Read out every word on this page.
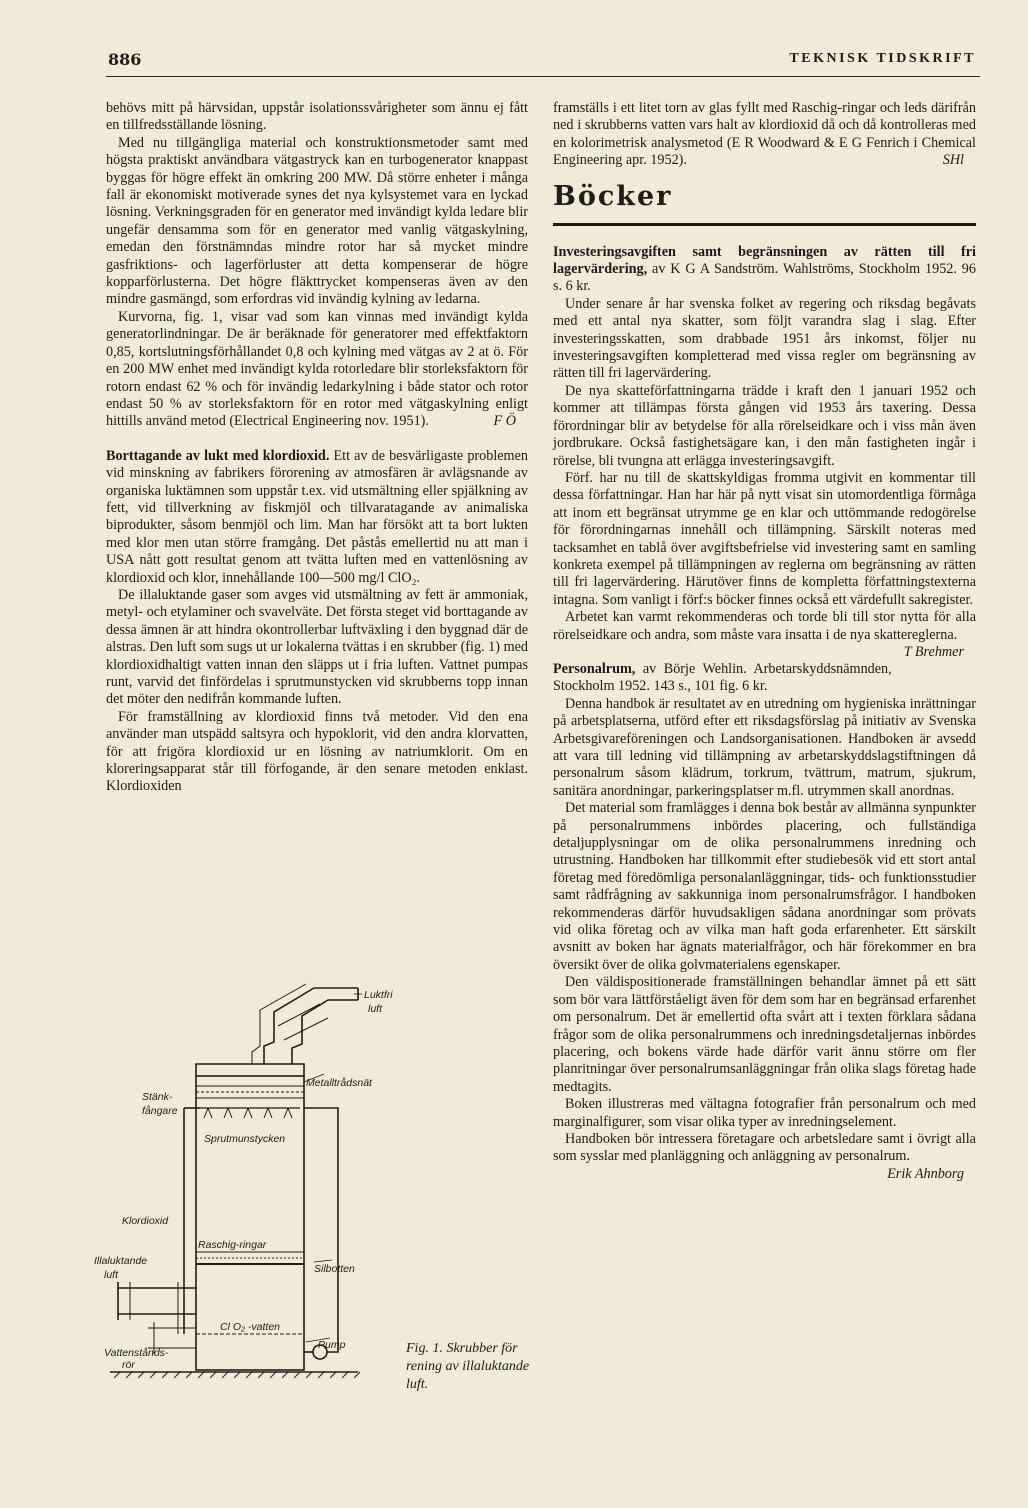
886	TEKNISK TIDSKRIFT

behövs mitt på härvsidan, uppstår isolationssvårigheter som ännu ej fått en tillfredsställande lösning.

Med nu tillgängliga material och konstruktionsmetoder samt med högsta praktiskt användbara vätgastryck kan en turbogenerator knappast byggas för högre effekt än omkring 200 MW. Då större enheter i många fall är ekonomiskt motiverade synes det nya kylsystemet vara en lyckad lösning. Verkningsgraden för en generator med invändigt kylda ledare blir ungefär densamma som för en generator med vanlig vätgaskylning, emedan den förstnämndas mindre rotor har så mycket mindre gasfriktions- och lagerförluster att detta kompenserar de högre kopparförlusterna. Det högre fläkttrycket kompenseras även av den mindre gasmängd, som erfordras vid invändig kylning av ledarna.

Kurvorna, fig. 1, visar vad som kan vinnas med invändigt kylda generatorlindningar. De är beräknade för generatorer med effektfaktorn 0,85, kortslutningsförhållandet 0,8 och kylning med vätgas av 2 at ö. För en 200 MW enhet med invändigt kylda rotorledare blir storleksfaktorn för rotorn endast 62 % och för invändig ledarkylning i både stator och rotor endast 50 % av storleksfaktorn för en rotor med vätgaskylning enligt hittills använd metod (Electrical Engineering nov. 1951).	F Ö

Borttagande av lukt med klordioxid. Ett av de besvärligaste problemen vid minskning av fabrikers förorening av atmosfären är avlägsnande av organiska luktämnen som uppstår t.ex. vid utsmältning eller spjälkning av fett, vid tillverkning av fiskmjöl och tillvaratagande av animaliska biprodukter, såsom benmjöl och lim. Man har försökt att ta bort lukten med klor men utan större framgång. Det påstås emellertid nu att man i USA nått gott resultat genom att tvätta luften med en vattenlösning av klordioxid och klor, innehållande 100—500 mg/l ClO₂.

De illaluktande gaser som avges vid utsmältning av fett är ammoniak, metyl- och etylaminer och svavelväte. Det första steget vid borttagande av dessa ämnen är att hindra okontrollerbar luftväxling i den byggnad där de alstras. Den luft som sugs ut ur lokalerna tvättas i en skrubber (fig. 1) med klordioxidhaltigt vatten innan den släpps ut i fria luften. Vattnet pumpas runt, varvid det finfördelas i sprutmunstycken vid skrubberns topp innan det möter den nedifrån kommande luften.

För framställning av klordioxid finns två metoder. Vid den ena använder man utspädd saltsyra och hypoklorit, vid den andra klorvatten, för att frigöra klordioxid ur en lösning av natriumklorit. Om en kloreringsapparat står till förfogande, är den senare metoden enklast. Klordioxiden

Luktfri
luft
Metalltrådsnät
Stänk-
fångare
Sprutmunstycken
Klordioxid
Illaluktande
luft
Raschig-ringar
Silbotten
Cl O₂ -vatten
Pump
Vattenstånds-
rör
Fig. 1. Skrubber för rening av illaluktande luft.

framställs i ett litet torn av glas fyllt med Raschig-ringar och leds därifrån ned i skrubberns vatten vars halt av klordioxid då och då kontrolleras med en kolorimetrisk analysmetod (E R Woodward & E G Fenrich i Chemical Engineering apr. 1952).	SHl

Böcker

Investeringsavgiften samt begränsningen av rätten till fri lagervärdering, av K G A Sandström. Wahlströms, Stockholm 1952. 96 s. 6 kr.

Under senare år har svenska folket av regering och riksdag begåvats med ett antal nya skatter, som följt varandra slag i slag. Efter investeringsskatten, som drabbade 1951 års inkomst, följer nu investeringsavgiften kompletterad med vissa regler om begränsning av rätten till fri lagervärdering.

De nya skatteförfattningarna trädde i kraft den 1 januari 1952 och kommer att tillämpas första gången vid 1953 års taxering. Dessa förordningar blir av betydelse för alla rörelseidkare och i viss mån även jordbrukare. Också fastighetsägare kan, i den mån fastigheten ingår i rörelse, bli tvungna att erlägga investeringsavgift.

Förf. har nu till de skattskyldigas fromma utgivit en kommentar till dessa författningar. Han har här på nytt visat sin utomordentliga förmåga att inom ett begränsat utrymme ge en klar och uttömmande redogörelse för förordningarnas innehåll och tillämpning. Särskilt noteras med tacksamhet en tablå över avgiftsbefrielse vid investering samt en samling konkreta exempel på tillämpningen av reglerna om begränsning av rätten till fri lagervärdering. Härutöver finns de kompletta författningstexterna intagna. Som vanligt i förf:s böcker finnes också ett värdefullt sakregister.

Arbetet kan varmt rekommenderas och torde bli till stor nytta för alla rörelseidkare och andra, som måste vara insatta i de nya skattereglerna.
T Brehmer

Personalrum, av Börje Wehlin. Arbetarskyddsnämnden, Stockholm 1952. 143 s., 101 fig. 6 kr.

Denna handbok är resultatet av en utredning om hygieniska inrättningar på arbetsplatserna, utförd efter ett riksdagsförslag på initiativ av Svenska Arbetsgivareföreningen och Landsorganisationen. Handboken är avsedd att vara till ledning vid tillämpning av arbetarskyddslagstiftningen då personalrum såsom klädrum, torkrum, tvättrum, matrum, sjukrum, sanitära anordningar, parkeringsplatser m.fl. utrymmen skall anordnas.

Det material som framlägges i denna bok består av allmänna synpunkter på personalrummens inbördes placering, och fullständiga detaljupplysningar om de olika personalrummens inredning och utrustning. Handboken har tillkommit efter studiebesök vid ett stort antal företag med föredömliga personalanläggningar, tids- och funktionsstudier samt rådfrågning av sakkunniga inom personalrumsfrågor. I handboken rekommenderas därför huvudsakligen sådana anordningar som prövats vid olika företag och av vilka man haft goda erfarenheter. Ett särskilt avsnitt av boken har ägnats materialfrågor, och här förekommer en bra översikt över de olika golvmaterialens egenskaper.

Den väldispositionerade framställningen behandlar ämnet på ett sätt som bör vara lättförståeligt även för dem som har en begränsad erfarenhet om personalrum. Det är emellertid ofta svårt att i texten förklara sådana frågor som de olika personalrummens och inredningsdetaljernas inbördes placering, och bokens värde hade därför varit ännu större om fler planritningar över personalrumsanläggningar från olika slags företag hade medtagits.

Boken illustreras med vältagna fotografier från personalrum och med marginalfigurer, som visar olika typer av inredningselement.

Handboken bör intressera företagare och arbetsledare samt i övrigt alla som sysslar med planläggning och anläggning av personalrum.
Erik Ahnborg
